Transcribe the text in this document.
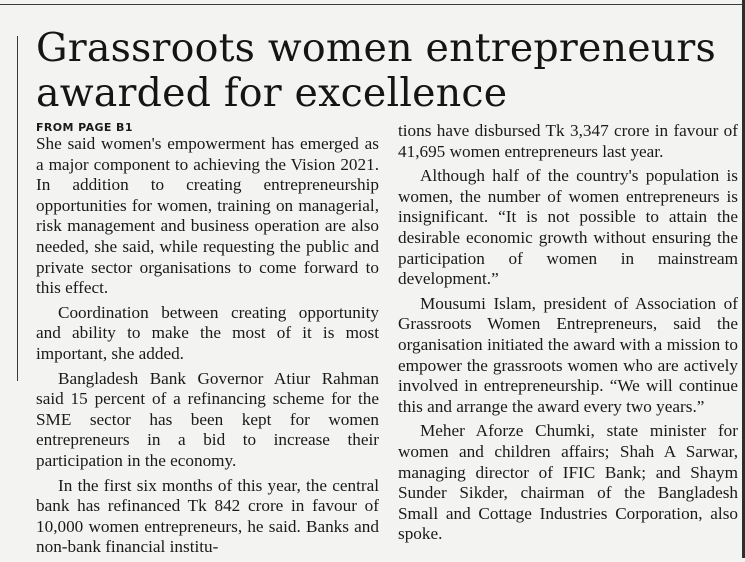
Grassroots women entrepreneurs awarded for excellence
FROM PAGE B1

She said women's empowerment has emerged as a major component to achieving the Vision 2021. In addition to creating entrepreneurship opportunities for women, training on managerial, risk management and business operation are also needed, she said, while requesting the public and private sector organisations to come forward to this effect.

Coordination between creating opportunity and ability to make the most of it is most important, she added.

Bangladesh Bank Governor Atiur Rahman said 15 percent of a refinancing scheme for the SME sector has been kept for women entrepreneurs in a bid to increase their participation in the economy.

In the first six months of this year, the central bank has refinanced Tk 842 crore in favour of 10,000 women entrepreneurs, he said. Banks and non-bank financial institu-

tions have disbursed Tk 3,347 crore in favour of 41,695 women entrepreneurs last year.

Although half of the country's population is women, the number of women entrepreneurs is insignificant. “It is not possible to attain the desirable economic growth without ensuring the participation of women in mainstream development.”

Mousumi Islam, president of Association of Grassroots Women Entrepreneurs, said the organisation initiated the award with a mission to empower the grassroots women who are actively involved in entrepreneurship. “We will continue this and arrange the award every two years.”

Meher Aforze Chumki, state minister for women and children affairs; Shah A Sarwar, managing director of IFIC Bank; and Shaym Sunder Sikder, chairman of the Bangladesh Small and Cottage Industries Corporation, also spoke.
